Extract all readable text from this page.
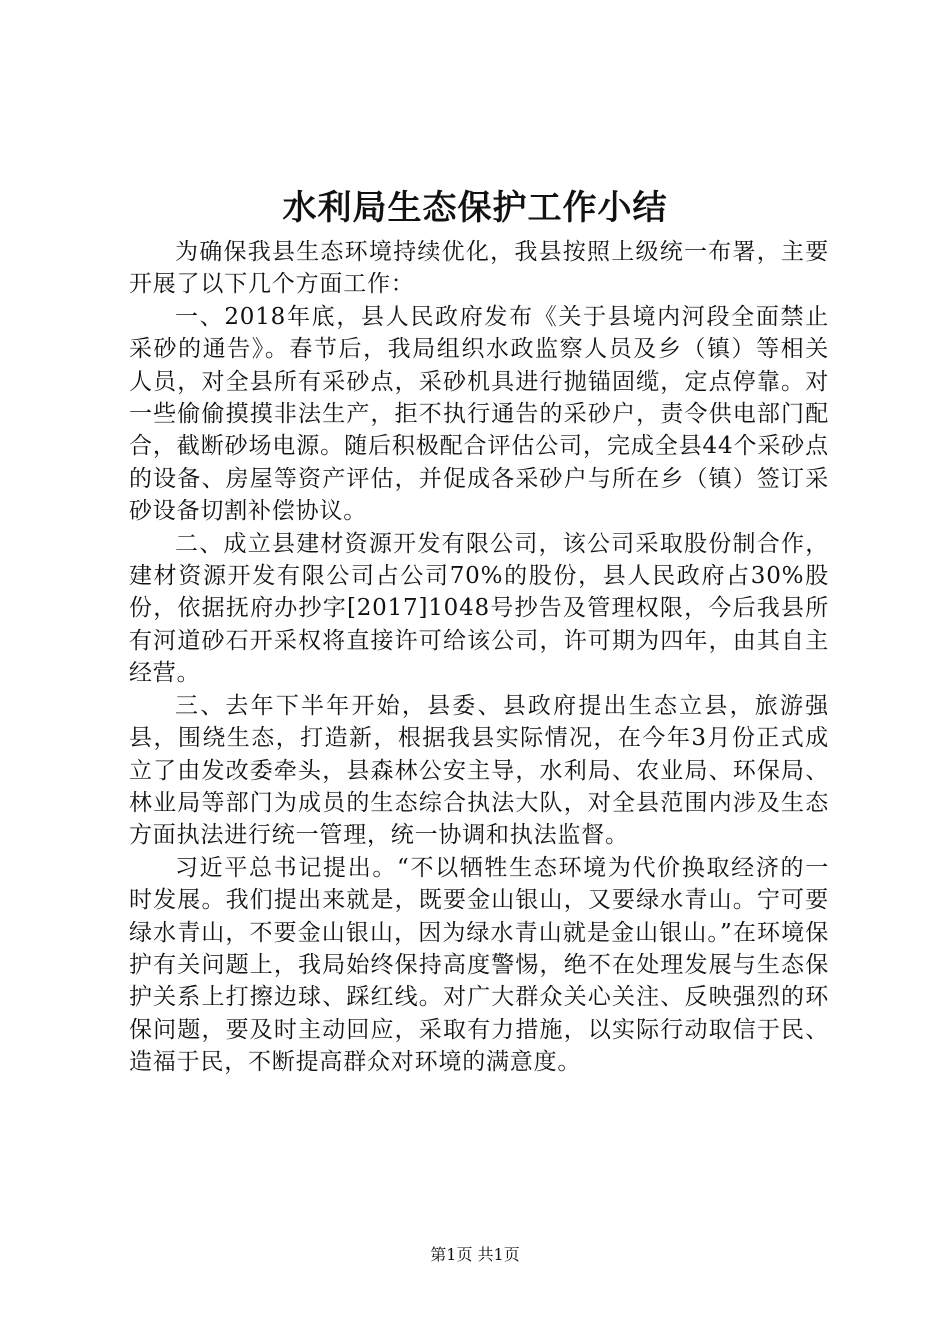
水利局生态保护工作小结

为确保我县生态环境持续优化，我县按照上级统一布署，主要开展了以下几个方面工作：

一、2018年底，县人民政府发布《关于县境内河段全面禁止采砂的通告》。春节后，我局组织水政监察人员及乡（镇）等相关人员，对全县所有采砂点，采砂机具进行抛锚固缆，定点停靠。对一些偷偷摸摸非法生产，拒不执行通告的采砂户，责令供电部门配合，截断砂场电源。随后积极配合评估公司，完成全县44个采砂点的设备、房屋等资产评估，并促成各采砂户与所在乡（镇）签订采砂设备切割补偿协议。

二、成立县建材资源开发有限公司，该公司采取股份制合作，建材资源开发有限公司占公司70%的股份，县人民政府占30%股份，依据抚府办抄字[2017]1048号抄告及管理权限，今后我县所有河道砂石开采权将直接许可给该公司，许可期为四年，由其自主经营。

三、去年下半年开始，县委、县政府提出生态立县，旅游强县，围绕生态，打造新，根据我县实际情况，在今年3月份正式成立了由发改委牵头，县森林公安主导，水利局、农业局、环保局、林业局等部门为成员的生态综合执法大队，对全县范围内涉及生态方面执法进行统一管理，统一协调和执法监督。

习近平总书记提出。“不以牺牲生态环境为代价换取经济的一时发展。我们提出来就是，既要金山银山，又要绿水青山。宁可要绿水青山，不要金山银山，因为绿水青山就是金山银山。”在环境保护有关问题上，我局始终保持高度警惕，绝不在处理发展与生态保护关系上打擦边球、踩红线。对广大群众关心关注、反映强烈的环保问题，要及时主动回应，采取有力措施，以实际行动取信于民、造福于民，不断提高群众对环境的满意度。

第1页 共1页
